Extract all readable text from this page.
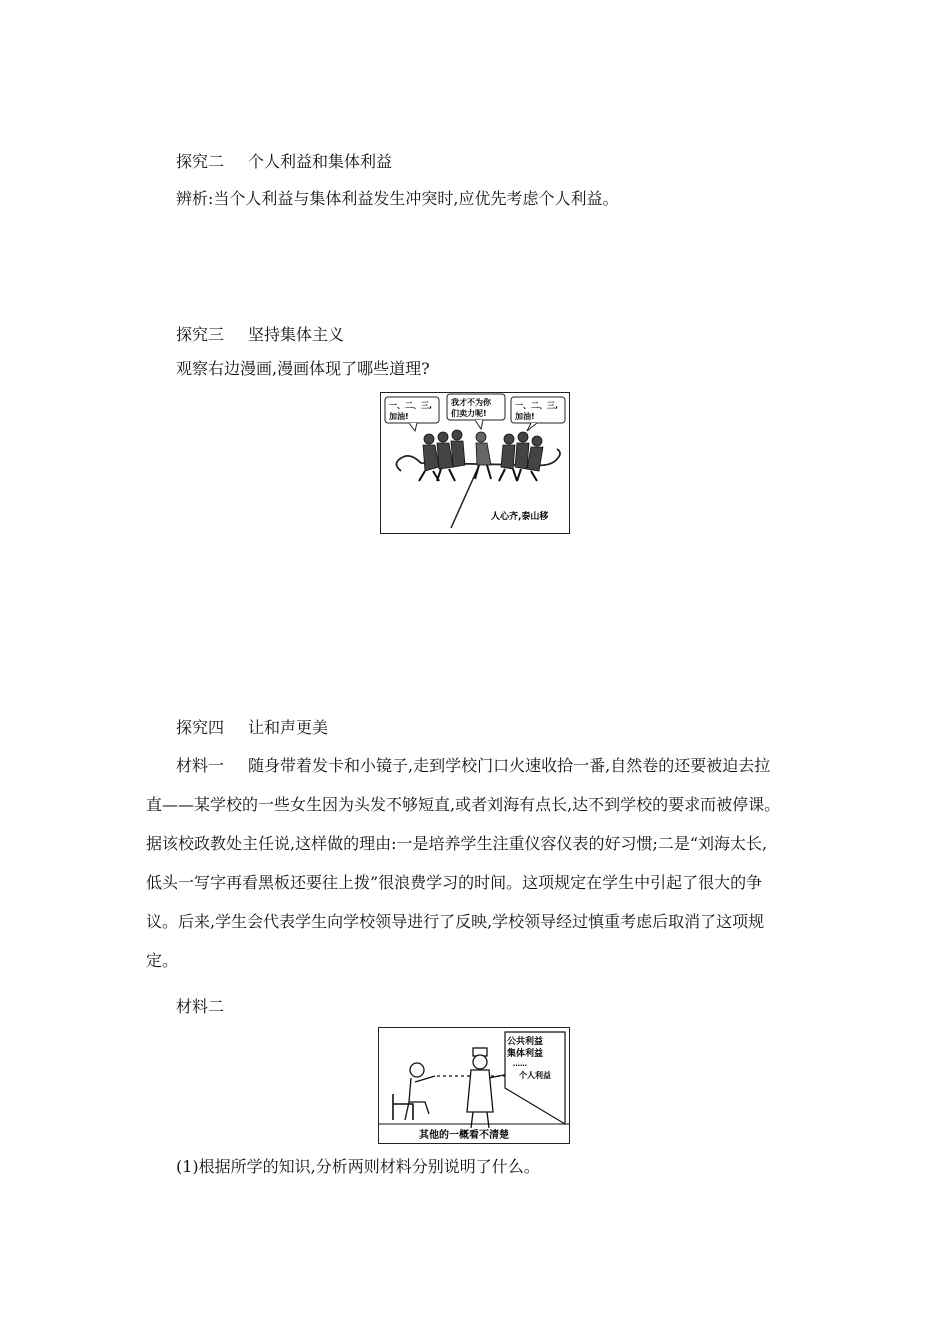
探究二 个人利益和集体利益
辨析:当个人利益与集体利益发生冲突时,应优先考虑个人利益。
探究三 坚持集体主义
观察右边漫画,漫画体现了哪些道理?
一、二、三,
加油!
我才不为你
们卖力呢!
一、二、三,
加油!
人心齐,泰山移
探究四 让和声更美
材料一 随身带着发卡和小镜子,走到学校门口火速收拾一番,自然卷的还要被迫去拉
直——某学校的一些女生因为头发不够短直,或者刘海有点长,达不到学校的要求而被停课。
据该校政教处主任说,这样做的理由:一是培养学生注重仪容仪表的好习惯;二是“刘海太长,
低头一写字再看黑板还要往上拨”很浪费学习的时间。这项规定在学生中引起了很大的争
议。后来,学生会代表学生向学校领导进行了反映,学校领导经过慎重考虑后取消了这项规
定。
材料二
公共利益
集体利益
……
个人利益
其他的一概看不清楚
(1)根据所学的知识,分析两则材料分别说明了什么。
